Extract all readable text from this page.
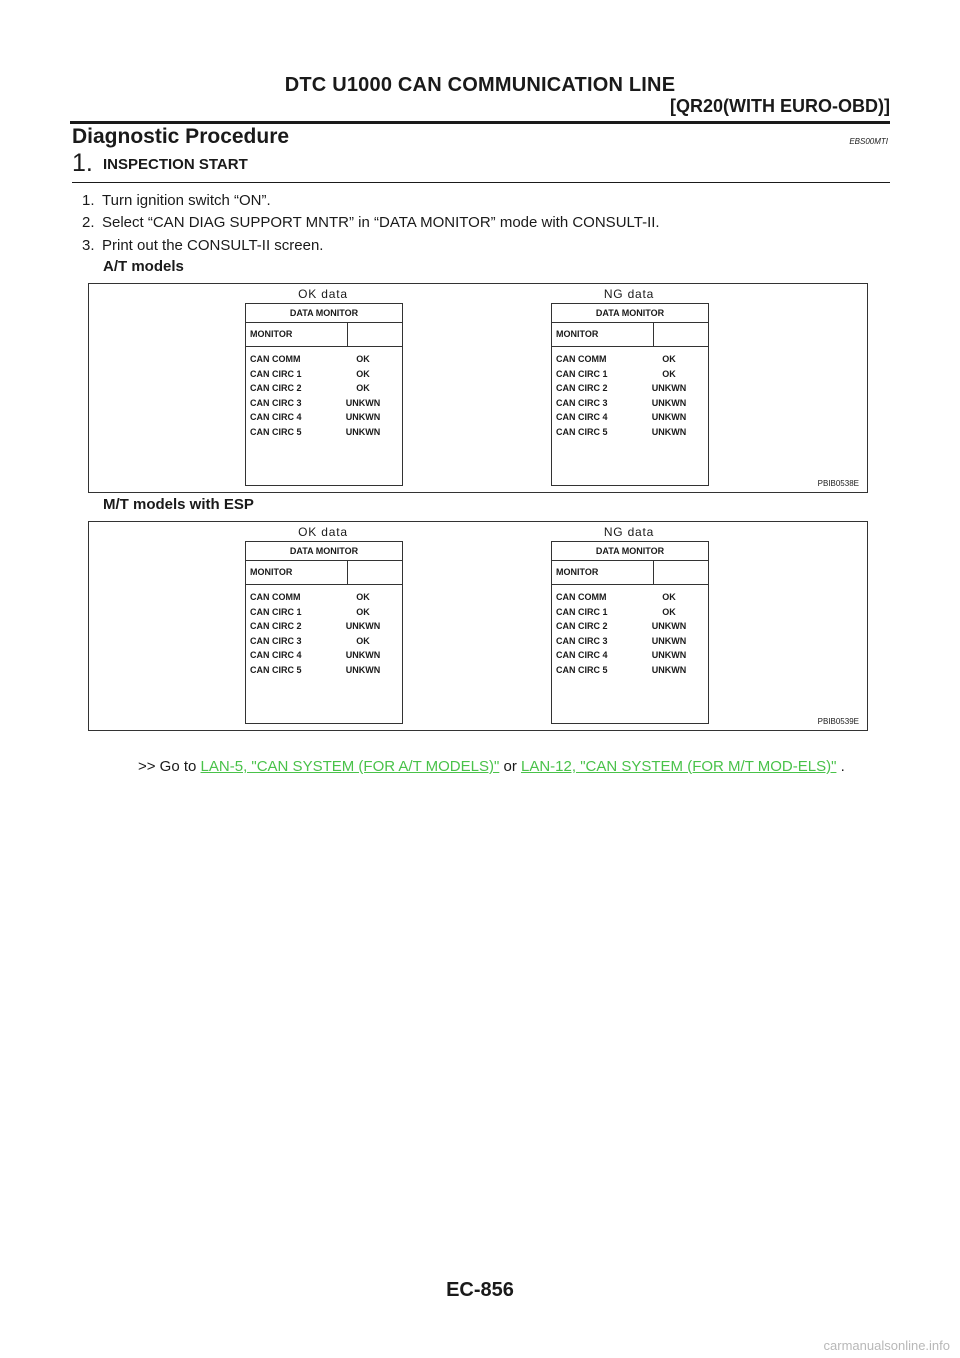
DTC U1000 CAN COMMUNICATION LINE
[QR20(WITH EURO-OBD)]
Diagnostic Procedure	EBS00MTI
1. INSPECTION START
1. Turn ignition switch “ON”.
2. Select “CAN DIAG SUPPORT MNTR” in “DATA MONITOR” mode with CONSULT-II.
3. Print out the CONSULT-II screen.
A/T models
OK data	NG data
DATA MONITOR
MONITOR
CAN COMM	OK
CAN CIRC 1	OK
CAN CIRC 2	OK
CAN CIRC 3	UNKWN
CAN CIRC 4	UNKWN
CAN CIRC 5	UNKWN
DATA MONITOR
MONITOR
CAN COMM	OK
CAN CIRC 1	OK
CAN CIRC 2	UNKWN
CAN CIRC 3	UNKWN
CAN CIRC 4	UNKWN
CAN CIRC 5	UNKWN
PBIB0538E
M/T models with ESP
OK data	NG data
DATA MONITOR
MONITOR
CAN COMM	OK
CAN CIRC 1	OK
CAN CIRC 2	UNKWN
CAN CIRC 3	OK
CAN CIRC 4	UNKWN
CAN CIRC 5	UNKWN
DATA MONITOR
MONITOR
CAN COMM	OK
CAN CIRC 1	OK
CAN CIRC 2	UNKWN
CAN CIRC 3	UNKWN
CAN CIRC 4	UNKWN
CAN CIRC 5	UNKWN
PBIB0539E
>> Go to LAN-5, "CAN SYSTEM (FOR A/T MODELS)" or LAN-12, "CAN SYSTEM (FOR M/T MOD-ELS)" .
EC-856
carmanualsonline.info
